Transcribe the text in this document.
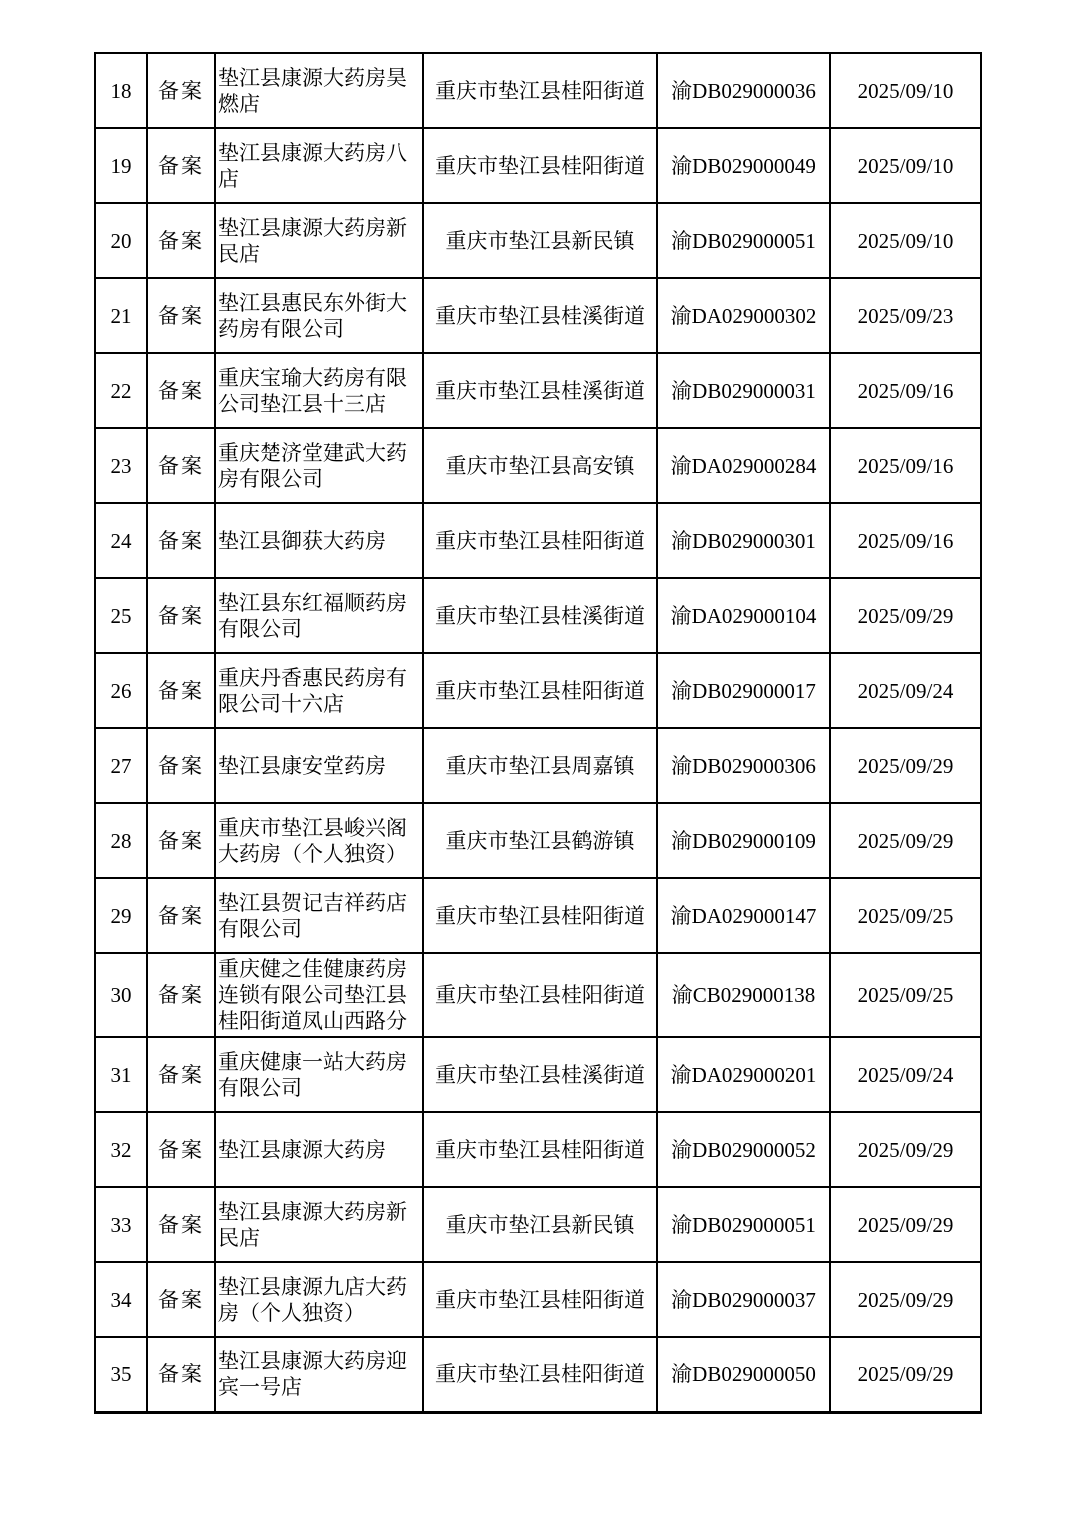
18	备案	垫江县康源大药房昊燃店	重庆市垫江县桂阳街道	渝DB029000036	2025/09/10
19	备案	垫江县康源大药房八店	重庆市垫江县桂阳街道	渝DB029000049	2025/09/10
20	备案	垫江县康源大药房新民店	重庆市垫江县新民镇	渝DB029000051	2025/09/10
21	备案	垫江县惠民东外街大药房有限公司	重庆市垫江县桂溪街道	渝DA029000302	2025/09/23
22	备案	重庆宝瑜大药房有限公司垫江县十三店	重庆市垫江县桂溪街道	渝DB029000031	2025/09/16
23	备案	重庆楚济堂建武大药房有限公司	重庆市垫江县高安镇	渝DA029000284	2025/09/16
24	备案	垫江县御获大药房	重庆市垫江县桂阳街道	渝DB029000301	2025/09/16
25	备案	垫江县东红福顺药房有限公司	重庆市垫江县桂溪街道	渝DA029000104	2025/09/29
26	备案	重庆丹香惠民药房有限公司十六店	重庆市垫江县桂阳街道	渝DB029000017	2025/09/24
27	备案	垫江县康安堂药房	重庆市垫江县周嘉镇	渝DB029000306	2025/09/29
28	备案	重庆市垫江县峻兴阁大药房（个人独资）	重庆市垫江县鹤游镇	渝DB029000109	2025/09/29
29	备案	垫江县贺记吉祥药店有限公司	重庆市垫江县桂阳街道	渝DA029000147	2025/09/25
30	备案	重庆健之佳健康药房连锁有限公司垫江县桂阳街道凤山西路分	重庆市垫江县桂阳街道	渝CB029000138	2025/09/25
31	备案	重庆健康一站大药房有限公司	重庆市垫江县桂溪街道	渝DA029000201	2025/09/24
32	备案	垫江县康源大药房	重庆市垫江县桂阳街道	渝DB029000052	2025/09/29
33	备案	垫江县康源大药房新民店	重庆市垫江县新民镇	渝DB029000051	2025/09/29
34	备案	垫江县康源九店大药房（个人独资）	重庆市垫江县桂阳街道	渝DB029000037	2025/09/29
35	备案	垫江县康源大药房迎宾一号店	重庆市垫江县桂阳街道	渝DB029000050	2025/09/29
